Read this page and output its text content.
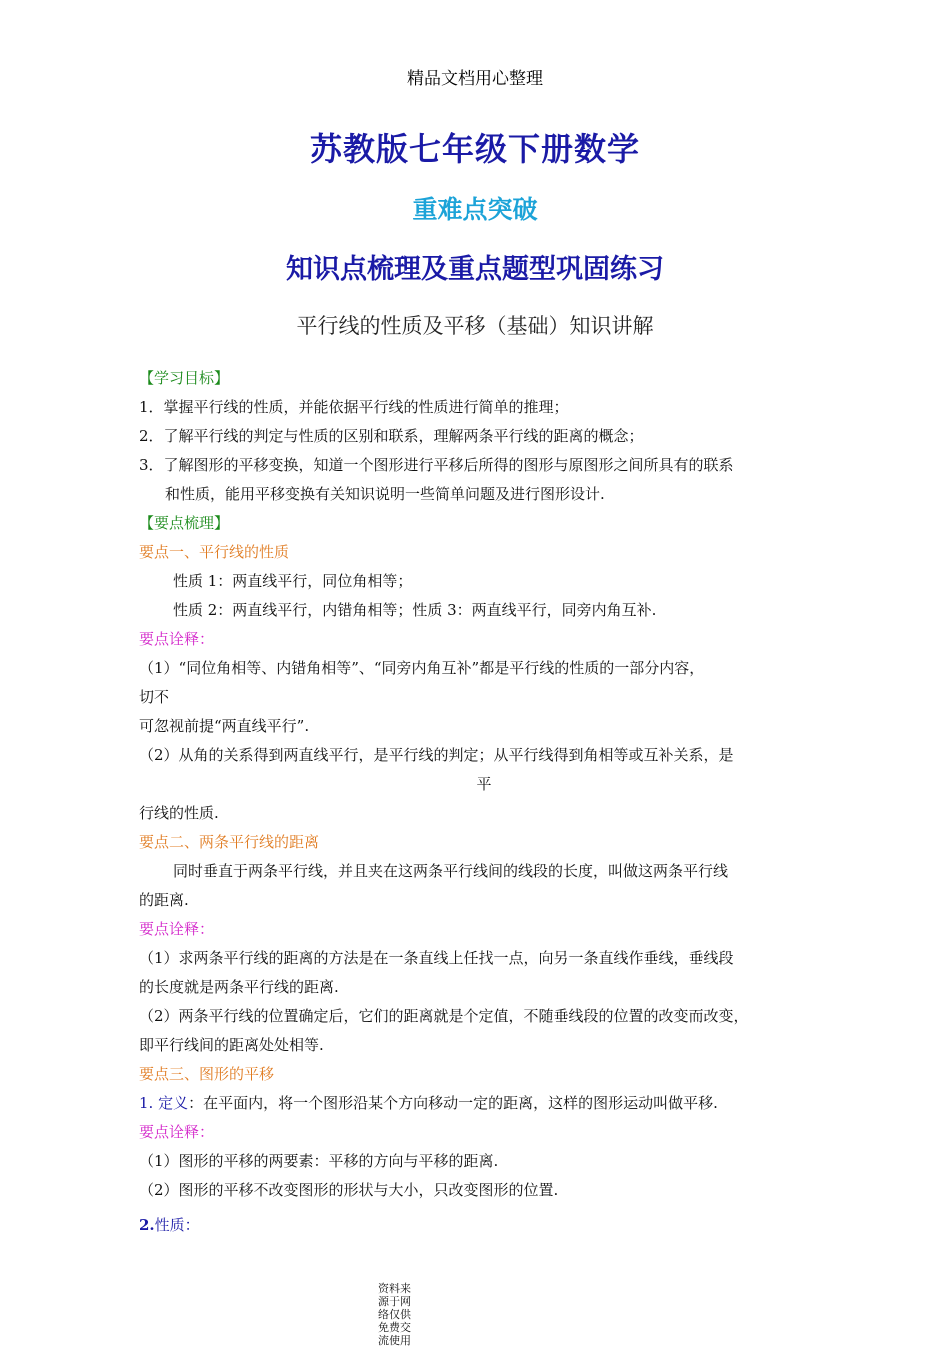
精品文档用心整理
苏教版七年级下册数学
重难点突破
知识点梳理及重点题型巩固练习
平行线的性质及平移（基础）知识讲解
【学习目标】
1．掌握平行线的性质，并能依据平行线的性质进行简单的推理；
2．了解平行线的判定与性质的区别和联系，理解两条平行线的距离的概念；
3．了解图形的平移变换，知道一个图形进行平移后所得的图形与原图形之间所具有的联系
和性质，能用平移变换有关知识说明一些简单问题及进行图形设计.
【要点梳理】
要点一、平行线的性质
性质 1：两直线平行，同位角相等；
性质 2：两直线平行，内错角相等；性质 3：两直线平行，同旁内角互补.
要点诠释：
（1）“同位角相等、内错角相等”、“同旁内角互补”都是平行线的性质的一部分内容，
切不
可忽视前提“两直线平行”.
（2）从角的关系得到两直线平行，是平行线的判定；从平行线得到角相等或互补关系，是
平
行线的性质.
要点二、两条平行线的距离
同时垂直于两条平行线，并且夹在这两条平行线间的线段的长度，叫做这两条平行线
的距离.
要点诠释：
（1）求两条平行线的距离的方法是在一条直线上任找一点，向另一条直线作垂线，垂线段
的长度就是两条平行线的距离.
（2）两条平行线的位置确定后，它们的距离就是个定值，不随垂线段的位置的改变而改变，
即平行线间的距离处处相等.
要点三、图形的平移
1. 定义：在平面内，将一个图形沿某个方向移动一定的距离，这样的图形运动叫做平移.
要点诠释：
（1）图形的平移的两要素：平移的方向与平移的距离.
（2）图形的平移不改变图形的形状与大小，只改变图形的位置.
2.性质：
资料来
源于网
络仅供
免费交
流使用
